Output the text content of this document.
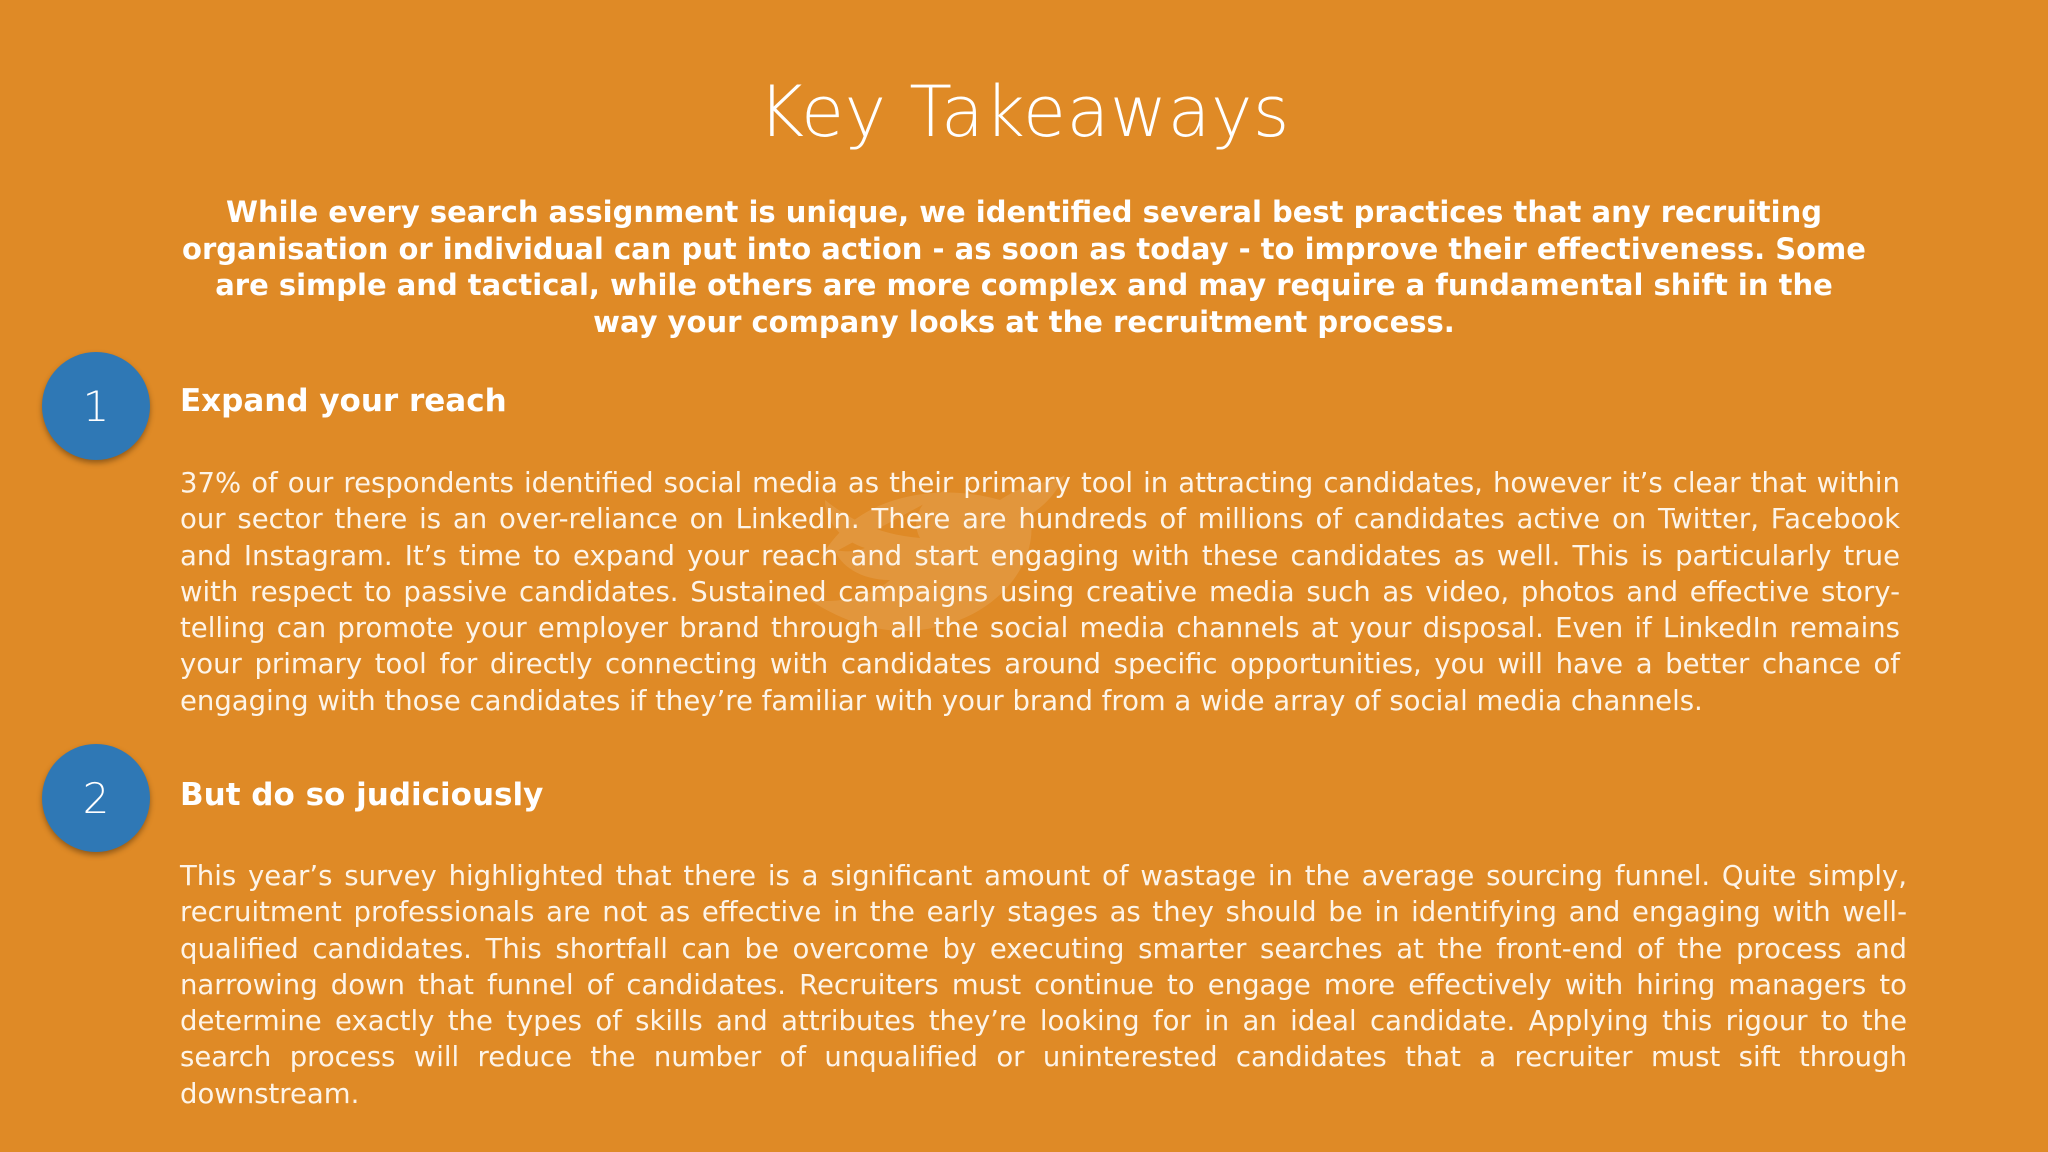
Key Takeaways
While every search assignment is unique, we identified several best practices that any recruiting organisation or individual can put into action - as soon as today - to improve their effectiveness. Some are simple and tactical, while others are more complex and may require a fundamental shift in the way your company looks at the recruitment process.
1 Expand your reach
37% of our respondents identified social media as their primary tool in attracting candidates, however it’s clear that within our sector there is an over-reliance on LinkedIn. There are hundreds of millions of candidates active on Twitter, Facebook and Instagram. It’s time to expand your reach and start engaging with these candidates as well. This is particularly true with respect to passive candidates. Sustained campaigns using creative media such as video, photos and effective story-telling can promote your employer brand through all the social media channels at your disposal. Even if LinkedIn remains your primary tool for directly connecting with candidates around specific opportunities, you will have a better chance of engaging with those candidates if they’re familiar with your brand from a wide array of social media channels.
2 But do so judiciously
This year’s survey highlighted that there is a significant amount of wastage in the average sourcing funnel. Quite simply, recruitment professionals are not as effective in the early stages as they should be in identifying and engaging with well-qualified candidates. This shortfall can be overcome by executing smarter searches at the front-end of the process and narrowing down that funnel of candidates. Recruiters must continue to engage more effectively with hiring managers to determine exactly the types of skills and attributes they’re looking for in an ideal candidate. Applying this rigour to the search process will reduce the number of unqualified or uninterested candidates that a recruiter must sift through downstream.
